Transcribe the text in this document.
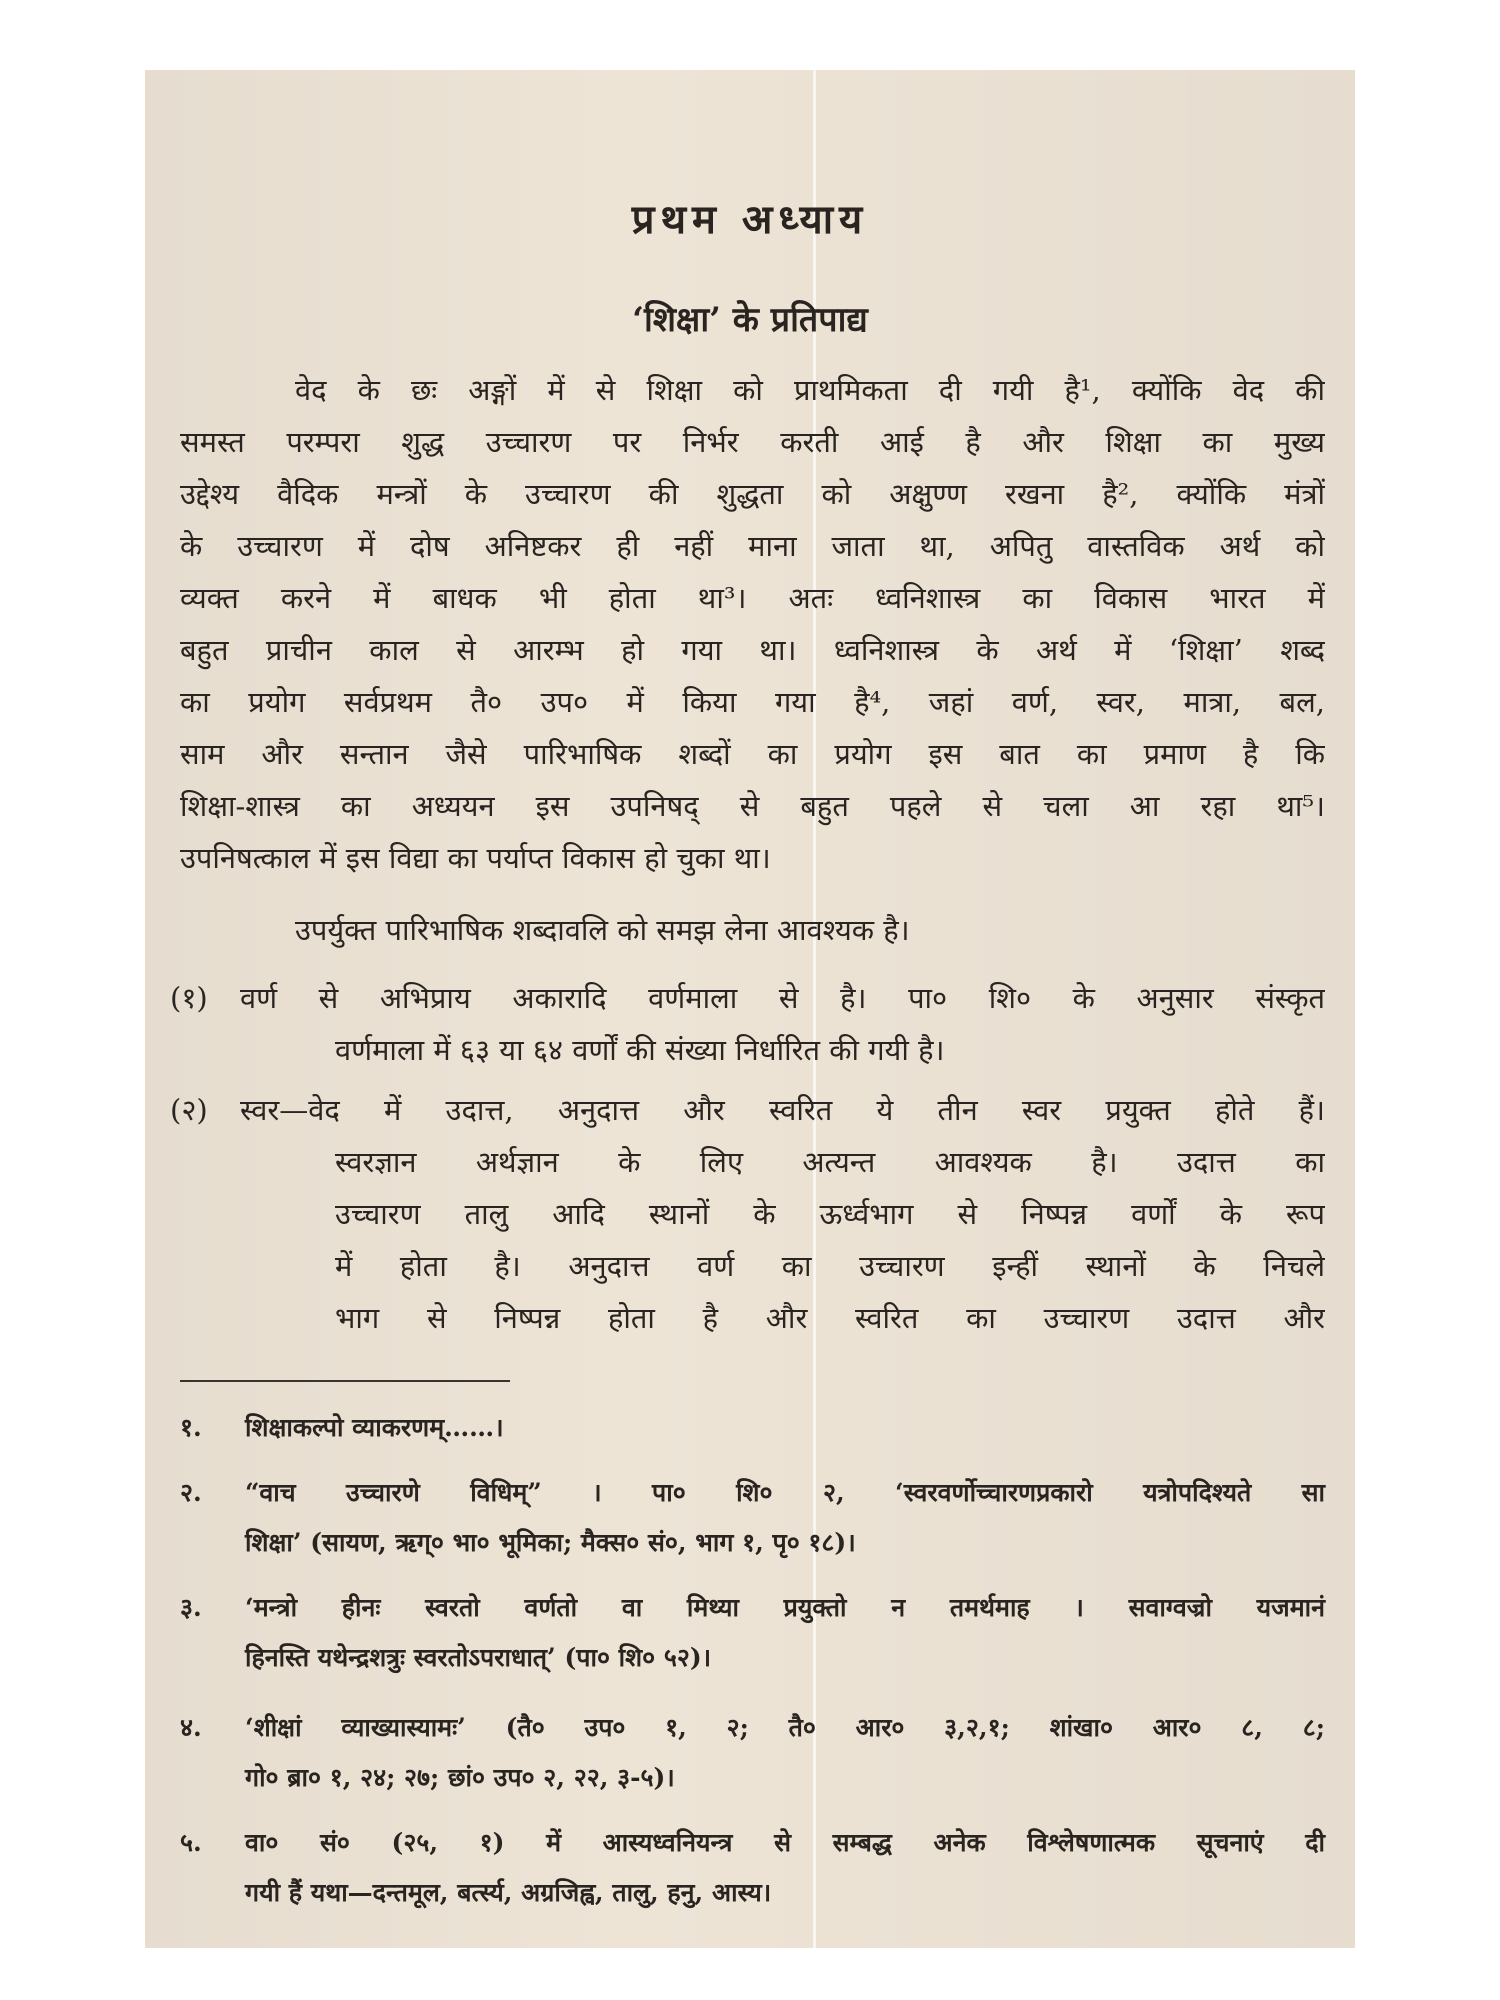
प्रथम अध्याय
‘शिक्षा’ के प्रतिपाद्य
वेद के छः अङ्गों में से शिक्षा को प्राथमिकता दी गयी है¹, क्योंकि वेद की
समस्त परम्परा शुद्ध उच्चारण पर निर्भर करती आई है और शिक्षा का मुख्य
उद्देश्य वैदिक मन्त्रों के उच्चारण की शुद्धता को अक्षुण्ण रखना है², क्योंकि मंत्रों
के उच्चारण में दोष अनिष्टकर ही नहीं माना जाता था, अपितु वास्तविक अर्थ को
व्यक्त करने में बाधक भी होता था³। अतः ध्वनिशास्त्र का विकास भारत में
बहुत प्राचीन काल से आरम्भ हो गया था। ध्वनिशास्त्र के अर्थ में ‘शिक्षा’ शब्द
का प्रयोग सर्वप्रथम तै० उप० में किया गया है⁴, जहां वर्ण, स्वर, मात्रा, बल,
साम और सन्तान जैसे पारिभाषिक शब्दों का प्रयोग इस बात का प्रमाण है कि
शिक्षा-शास्त्र का अध्ययन इस उपनिषद् से बहुत पहले से चला आ रहा था⁵।
उपनिषत्काल में इस विद्या का पर्याप्त विकास हो चुका था।
उपर्युक्त पारिभाषिक शब्दावलि को समझ लेना आवश्यक है।
(१) वर्ण से अभिप्राय अकारादि वर्णमाला से है। पा० शि० के अनुसार संस्कृत
वर्णमाला में ६३ या ६४ वर्णों की संख्या निर्धारित की गयी है।
(२) स्वर—वेद में उदात्त, अनुदात्त और स्वरित ये तीन स्वर प्रयुक्त होते हैं।
स्वरज्ञान अर्थज्ञान के लिए अत्यन्त आवश्यक है। उदात्त का
उच्चारण तालु आदि स्थानों के ऊर्ध्वभाग से निष्पन्न वर्णों के रूप
में होता है। अनुदात्त वर्ण का उच्चारण इन्हीं स्थानों के निचले
भाग से निष्पन्न होता है और स्वरित का उच्चारण उदात्त और
१. शिक्षाकल्पो व्याकरणम्……।
२. “वाच उच्चारणे विधिम्” । पा० शि० २, ‘स्वरवर्णोच्चारणप्रकारो यत्रोपदिश्यते सा
शिक्षा’ (सायण, ऋग्० भा० भूमिका; मैक्स० सं०, भाग १, पृ० १८)।
३. ‘मन्त्रो हीनः स्वरतो वर्णतो वा मिथ्या प्रयुक्तो न तमर्थमाह । सवाग्वज्रो यजमानं
हिनस्ति यथेन्द्रशत्रुः स्वरतोऽपराधात्’ (पा० शि० ५२)।
४. ‘शीक्षां व्याख्यास्यामः’ (तै० उप० १, २; तै० आर० ३,२,१; शांखा० आर० ८, ८;
गो० ब्रा० १, २४; २७; छां० उप० २, २२, ३-५)।
५. वा० सं० (२५, १) में आस्यध्वनियन्त्र से सम्बद्ध अनेक विश्लेषणात्मक सूचनाएं दी
गयी हैं यथा—दन्तमूल, बर्त्स्य, अग्रजिह्व, तालु, हनु, आस्य।
